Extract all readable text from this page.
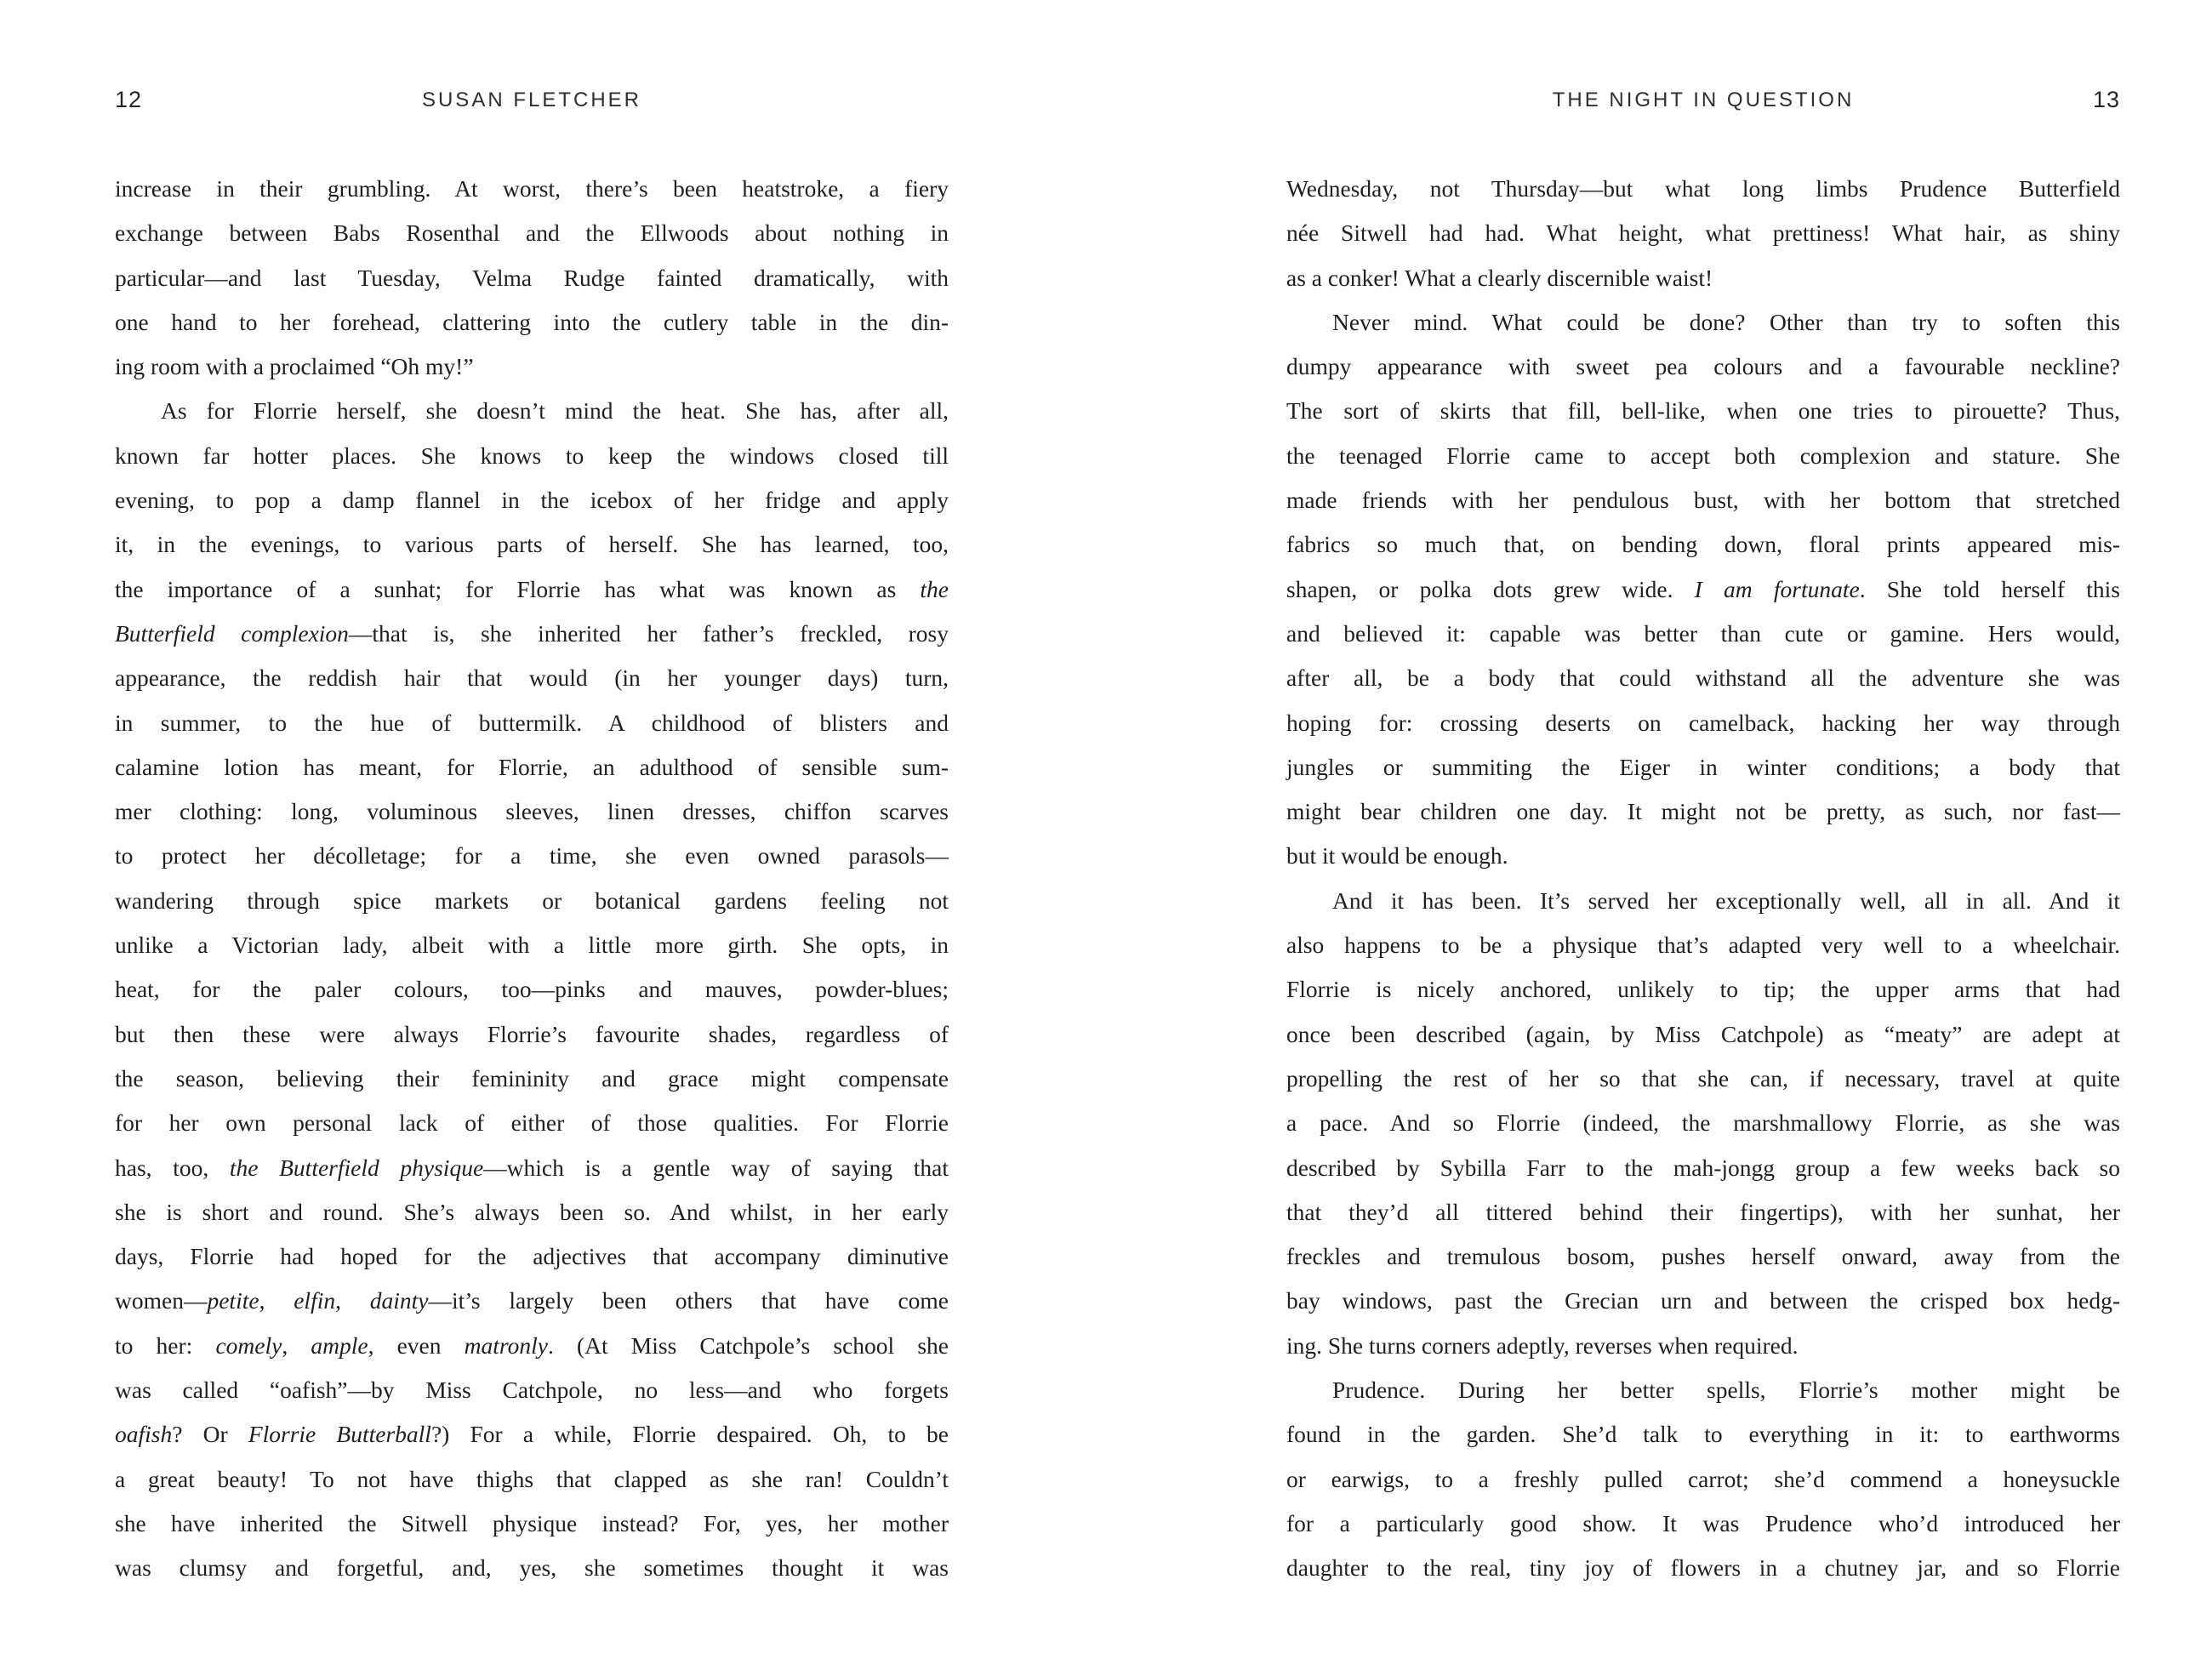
12	SUSAN FLETCHER
increase in their grumbling. At worst, there’s been heatstroke, a fiery
exchange between Babs Rosenthal and the Ellwoods about nothing in
particular—and last Tuesday, Velma Rudge fainted dramatically, with
one hand to her forehead, clattering into the cutlery table in the din-
ing room with a proclaimed “Oh my!”
As for Florrie herself, she doesn’t mind the heat. She has, after all,
known far hotter places. She knows to keep the windows closed till
evening, to pop a damp flannel in the icebox of her fridge and apply
it, in the evenings, to various parts of herself. She has learned, too,
the importance of a sunhat; for Florrie has what was known as the
Butterfield complexion—that is, she inherited her father’s freckled, rosy
appearance, the reddish hair that would (in her younger days) turn,
in summer, to the hue of buttermilk. A childhood of blisters and
calamine lotion has meant, for Florrie, an adulthood of sensible sum-
mer clothing: long, voluminous sleeves, linen dresses, chiffon scarves
to protect her décolletage; for a time, she even owned parasols—
wandering through spice markets or botanical gardens feeling not
unlike a Victorian lady, albeit with a little more girth. She opts, in
heat, for the paler colours, too—pinks and mauves, powder-blues;
but then these were always Florrie’s favourite shades, regardless of
the season, believing their femininity and grace might compensate
for her own personal lack of either of those qualities. For Florrie
has, too, the Butterfield physique—which is a gentle way of saying that
she is short and round. She’s always been so. And whilst, in her early
days, Florrie had hoped for the adjectives that accompany diminutive
women—petite, elfin, dainty—it’s largely been others that have come
to her: comely, ample, even matronly. (At Miss Catchpole’s school she
was called “oafish”—by Miss Catchpole, no less—and who forgets
oafish? Or Florrie Butterball?) For a while, Florrie despaired. Oh, to be
a great beauty! To not have thighs that clapped as she ran! Couldn’t
she have inherited the Sitwell physique instead? For, yes, her mother
was clumsy and forgetful, and, yes, she sometimes thought it was
THE NIGHT IN QUESTION	13
Wednesday, not Thursday—but what long limbs Prudence Butterfield
née Sitwell had had. What height, what prettiness! What hair, as shiny
as a conker! What a clearly discernible waist!
Never mind. What could be done? Other than try to soften this
dumpy appearance with sweet pea colours and a favourable neckline?
The sort of skirts that fill, bell-like, when one tries to pirouette? Thus,
the teenaged Florrie came to accept both complexion and stature. She
made friends with her pendulous bust, with her bottom that stretched
fabrics so much that, on bending down, floral prints appeared mis-
shapen, or polka dots grew wide. I am fortunate. She told herself this
and believed it: capable was better than cute or gamine. Hers would,
after all, be a body that could withstand all the adventure she was
hoping for: crossing deserts on camelback, hacking her way through
jungles or summiting the Eiger in winter conditions; a body that
might bear children one day. It might not be pretty, as such, nor fast—
but it would be enough.
And it has been. It’s served her exceptionally well, all in all. And it
also happens to be a physique that’s adapted very well to a wheelchair.
Florrie is nicely anchored, unlikely to tip; the upper arms that had
once been described (again, by Miss Catchpole) as “meaty” are adept at
propelling the rest of her so that she can, if necessary, travel at quite
a pace. And so Florrie (indeed, the marshmallowy Florrie, as she was
described by Sybilla Farr to the mah-jongg group a few weeks back so
that they’d all tittered behind their fingertips), with her sunhat, her
freckles and tremulous bosom, pushes herself onward, away from the
bay windows, past the Grecian urn and between the crisped box hedg-
ing. She turns corners adeptly, reverses when required.
Prudence. During her better spells, Florrie’s mother might be
found in the garden. She’d talk to everything in it: to earthworms
or earwigs, to a freshly pulled carrot; she’d commend a honeysuckle
for a particularly good show. It was Prudence who’d introduced her
daughter to the real, tiny joy of flowers in a chutney jar, and so Florrie
